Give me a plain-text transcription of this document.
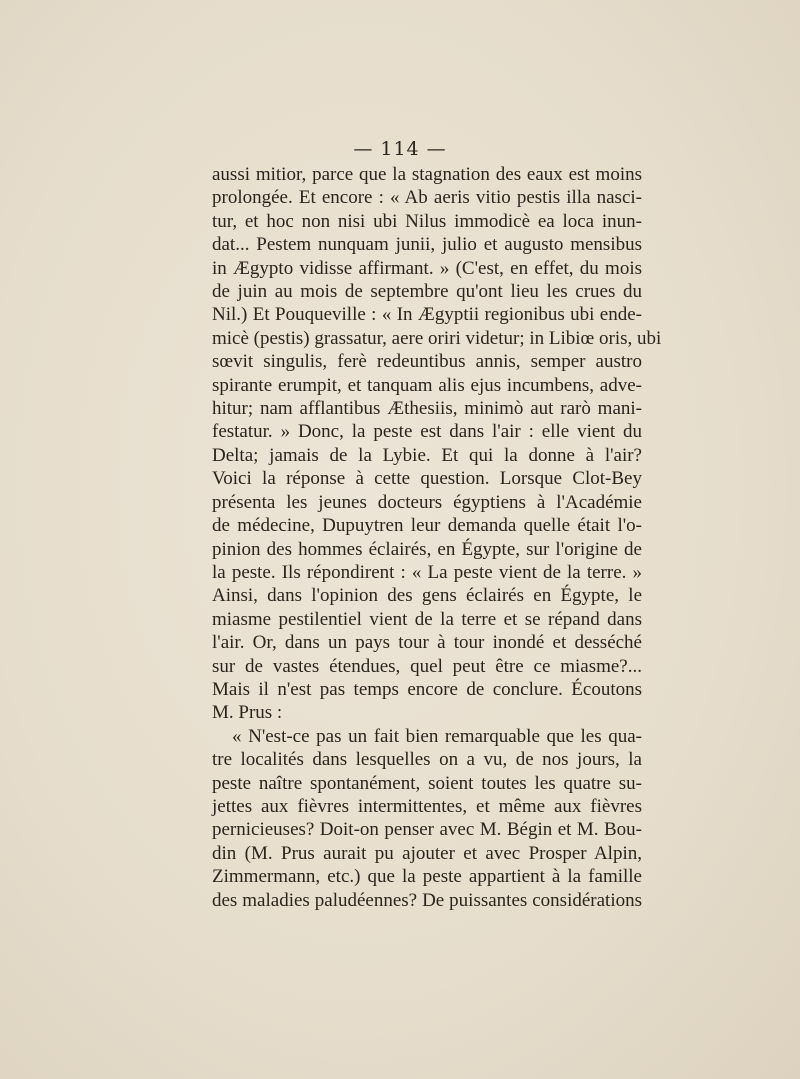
— 114 —
aussi mitior, parce que la stagnation des eaux est moins
prolongée. Et encore : « Ab aeris vitio pestis illa nasci-
tur, et hoc non nisi ubi Nilus immodicè ea loca inun-
dat... Pestem nunquam junii, julio et augusto mensibus
in Ægypto vidisse affirmant. » (C'est, en effet, du mois
de juin au mois de septembre qu'ont lieu les crues du
Nil.) Et Pouqueville : « In Ægyptii regionibus ubi ende-
micè (pestis) grassatur, aere oriri videtur; in Libiœ oris, ubi
sœvit singulis, ferè redeuntibus annis, semper austro
spirante erumpit, et tanquam alis ejus incumbens, adve-
hitur; nam afflantibus Æthesiis, minimò aut rarò mani-
festatur. » Donc, la peste est dans l'air : elle vient du
Delta; jamais de la Lybie. Et qui la donne à l'air?
Voici la réponse à cette question. Lorsque Clot-Bey
présenta les jeunes docteurs égyptiens à l'Académie
de médecine, Dupuytren leur demanda quelle était l'o-
pinion des hommes éclairés, en Égypte, sur l'origine de
la peste. Ils répondirent : « La peste vient de la terre. »
Ainsi, dans l'opinion des gens éclairés en Égypte, le
miasme pestilentiel vient de la terre et se répand dans
l'air. Or, dans un pays tour à tour inondé et desséché
sur de vastes étendues, quel peut être ce miasme?...
Mais il n'est pas temps encore de conclure. Écoutons
M. Prus :
« N'est-ce pas un fait bien remarquable que les qua-
tre localités dans lesquelles on a vu, de nos jours, la
peste naître spontanément, soient toutes les quatre su-
jettes aux fièvres intermittentes, et même aux fièvres
pernicieuses? Doit-on penser avec M. Bégin et M. Bou-
din (M. Prus aurait pu ajouter et avec Prosper Alpin,
Zimmermann, etc.) que la peste appartient à la famille
des maladies paludéennes? De puissantes considérations
